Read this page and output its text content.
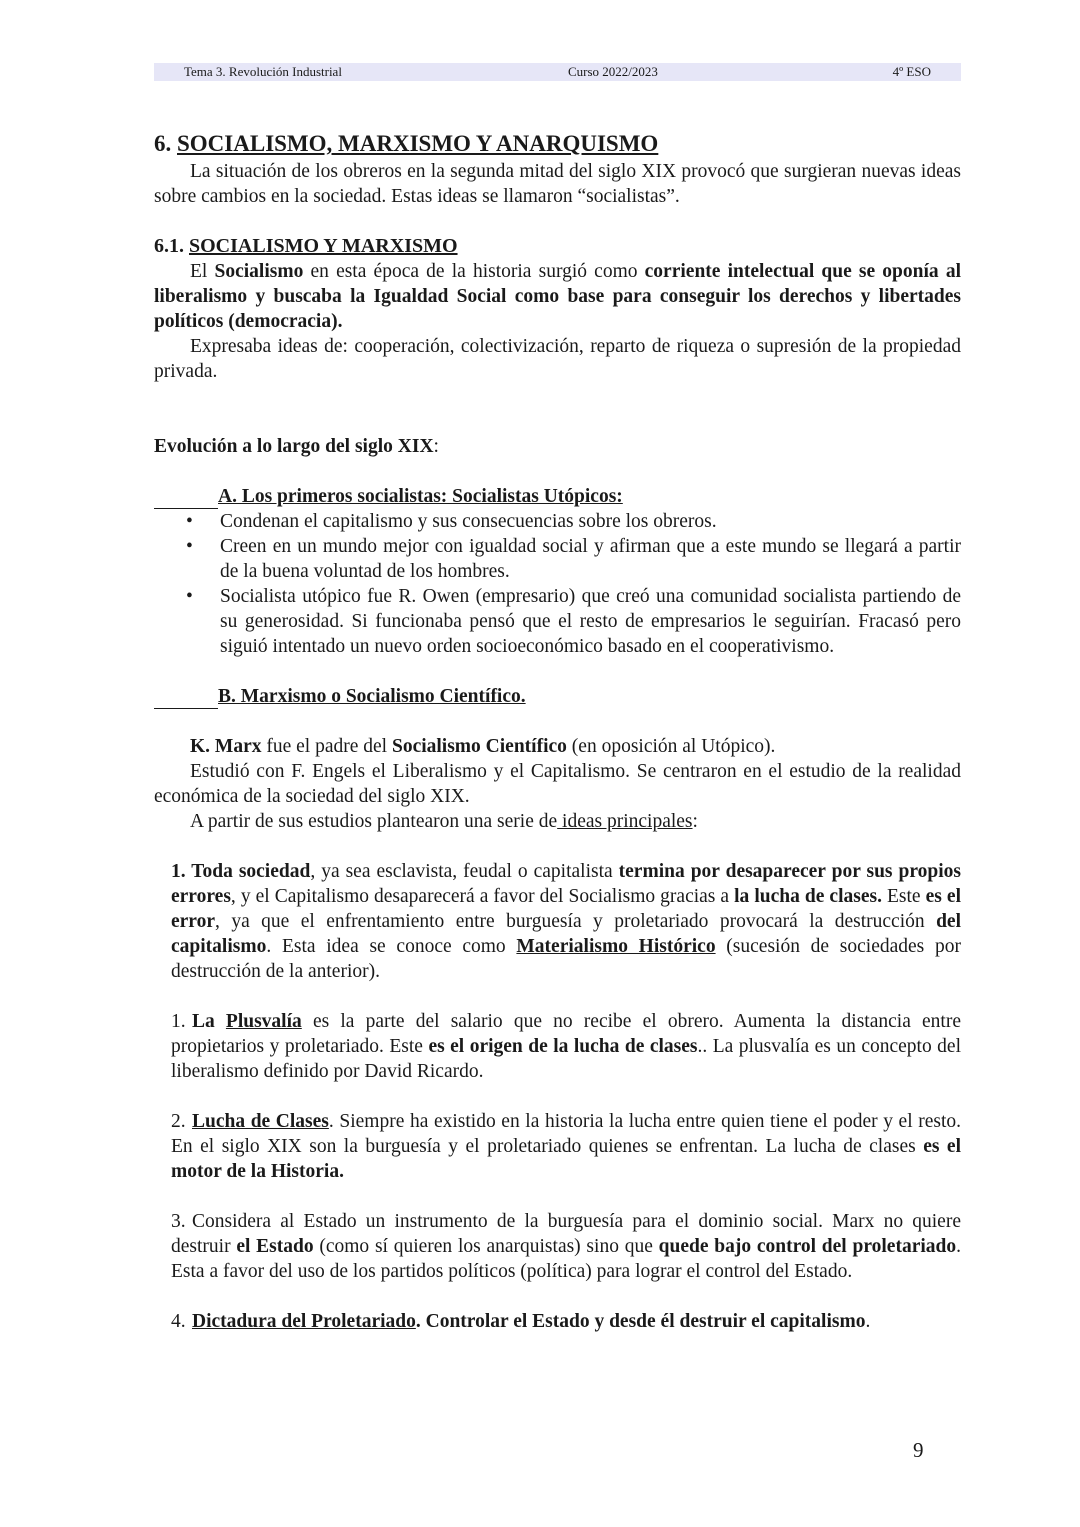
Tema 3. Revolución Industrial	Curso 2022/2023	4º ESO

6. SOCIALISMO, MARXISMO Y ANARQUISMO

La situación de los obreros en la segunda mitad del siglo XIX provocó que surgieran nuevas ideas sobre cambios en la sociedad. Estas ideas se llamaron “socialistas”.

6.1. SOCIALISMO Y MARXISMO

El Socialismo en esta época de la historia surgió como corriente intelectual que se oponía al liberalismo y buscaba la Igualdad Social como base para conseguir los derechos y libertades políticos (democracia).

Expresaba ideas de: cooperación, colectivización, reparto de riqueza o supresión de la propiedad privada.

Evolución a lo largo del siglo XIX:

A. Los primeros socialistas: Socialistas Utópicos:

• Condenan el capitalismo y sus consecuencias sobre los obreros.
• Creen en un mundo mejor con igualdad social y afirman que a este mundo se llegará a partir de la buena voluntad de los hombres.
• Socialista utópico fue R. Owen (empresario) que creó una comunidad socialista partiendo de su generosidad. Si funcionaba pensó que el resto de empresarios le seguirían. Fracasó pero siguió intentado un nuevo orden socioeconómico basado en el cooperativismo.

B. Marxismo o Socialismo Científico.

K. Marx fue el padre del Socialismo Científico (en oposición al Utópico).

Estudió con F. Engels el Liberalismo y el Capitalismo. Se centraron en el estudio de la realidad económica de la sociedad del siglo XIX.

A partir de sus estudios plantearon una serie de ideas principales:

1. Toda sociedad, ya sea esclavista, feudal o capitalista termina por desaparecer por sus propios errores, y el Capitalismo desaparecerá a favor del Socialismo gracias a la lucha de clases. Este es el error, ya que el enfrentamiento entre burguesía y proletariado provocará la destrucción del capitalismo. Esta idea se conoce como Materialismo Histórico (sucesión de sociedades por destrucción de la anterior).

1. La Plusvalía es la parte del salario que no recibe el obrero. Aumenta la distancia entre propietarios y proletariado. Este es el origen de la lucha de clases.. La plusvalía es un concepto del liberalismo definido por David Ricardo.

2. Lucha de Clases. Siempre ha existido en la historia la lucha entre quien tiene el poder y el resto. En el siglo XIX son la burguesía y el proletariado quienes se enfrentan. La lucha de clases es el motor de la Historia.

3. Considera al Estado un instrumento de la burguesía para el dominio social. Marx no quiere destruir el Estado (como sí quieren los anarquistas) sino que quede bajo control del proletariado. Esta a favor del uso de los partidos políticos (política) para lograr el control del Estado.

4. Dictadura del Proletariado. Controlar el Estado y desde él destruir el capitalismo.

9
